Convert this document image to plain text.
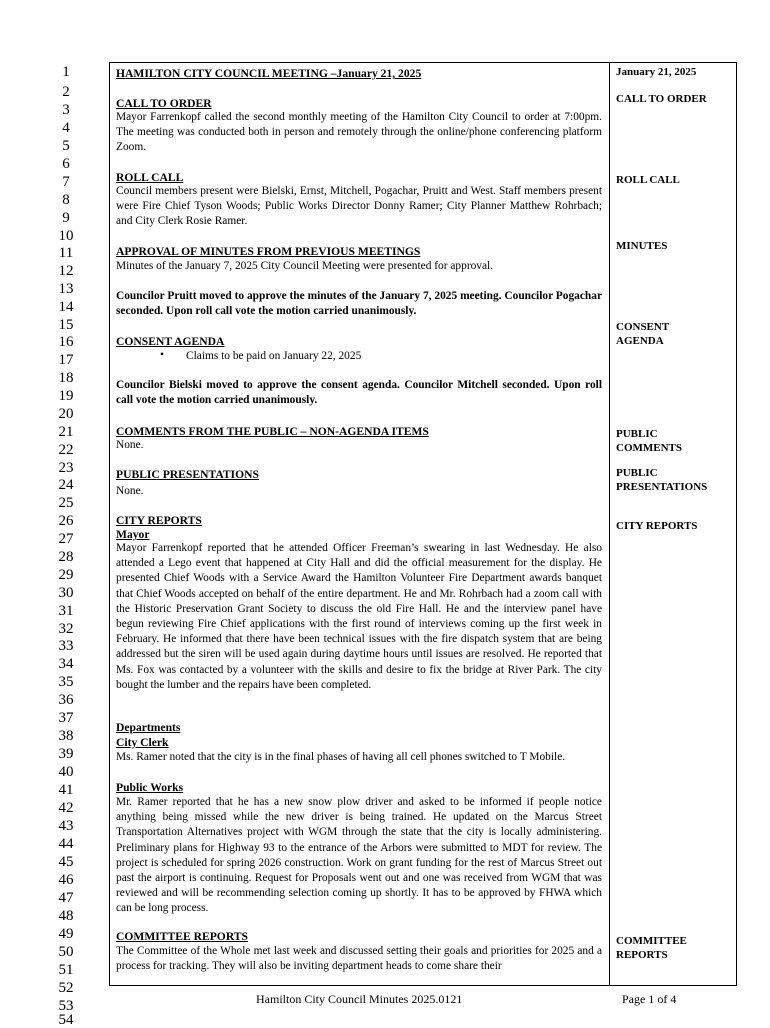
1
2
3
4
5
6
7
8
9
10
11
12
13
14
15
16
17
18
19
20
21
22
23
24
25
26
27
28
29
30
31
32
33
34
35
36
37
38
39
40
41
42
43
44
45
46
47
48
49
50
51
52
53
54
HAMILTON CITY COUNCIL MEETING –January 21, 2025
CALL TO ORDER
Mayor Farrenkopf called the second monthly meeting of the Hamilton City Council to order at 7:00pm. The meeting was conducted both in person and remotely through the online/phone conferencing platform Zoom.
ROLL CALL
Council members present were Bielski, Ernst, Mitchell, Pogachar, Pruitt and West. Staff members present were Fire Chief Tyson Woods; Public Works Director Donny Ramer; City Planner Matthew Rohrbach; and City Clerk Rosie Ramer.
APPROVAL OF MINUTES FROM PREVIOUS MEETINGS
Minutes of the January 7, 2025 City Council Meeting were presented for approval.
Councilor Pruitt moved to approve the minutes of the January 7, 2025 meeting. Councilor Pogachar seconded. Upon roll call vote the motion carried unanimously.
CONSENT AGENDA
• Claims to be paid on January 22, 2025
Councilor Bielski moved to approve the consent agenda. Councilor Mitchell seconded. Upon roll call vote the motion carried unanimously.
COMMENTS FROM THE PUBLIC – NON-AGENDA ITEMS
None.
PUBLIC PRESENTATIONS
None.
CITY REPORTS
Mayor
Mayor Farrenkopf reported that he attended Officer Freeman’s swearing in last Wednesday. He also attended a Lego event that happened at City Hall and did the official measurement for the display. He presented Chief Woods with a Service Award the Hamilton Volunteer Fire Department awards banquet that Chief Woods accepted on behalf of the entire department. He and Mr. Rohrbach had a zoom call with the Historic Preservation Grant Society to discuss the old Fire Hall. He and the interview panel have begun reviewing Fire Chief applications with the first round of interviews coming up the first week in February. He informed that there have been technical issues with the fire dispatch system that are being addressed but the siren will be used again during daytime hours until issues are resolved. He reported that Ms. Fox was contacted by a volunteer with the skills and desire to fix the bridge at River Park. The city bought the lumber and the repairs have been completed.
Departments
City Clerk
Ms. Ramer noted that the city is in the final phases of having all cell phones switched to T Mobile.
Public Works
Mr. Ramer reported that he has a new snow plow driver and asked to be informed if people notice anything being missed while the new driver is being trained. He updated on the Marcus Street Transportation Alternatives project with WGM through the state that the city is locally administering. Preliminary plans for Highway 93 to the entrance of the Arbors were submitted to MDT for review. The project is scheduled for spring 2026 construction. Work on grant funding for the rest of Marcus Street out past the airport is continuing. Request for Proposals went out and one was received from WGM that was reviewed and will be recommending selection coming up shortly. It has to be approved by FHWA which can be long process.
COMMITTEE REPORTS
The Committee of the Whole met last week and discussed setting their goals and priorities for 2025 and a process for tracking. They will also be inviting department heads to come share their
January 21, 2025
CALL TO ORDER
ROLL CALL
MINUTES
CONSENT AGENDA
PUBLIC COMMENTS
PUBLIC PRESENTATIONS
CITY REPORTS
COMMITTEE REPORTS
Hamilton City Council Minutes 2025.0121	Page 1 of 4
